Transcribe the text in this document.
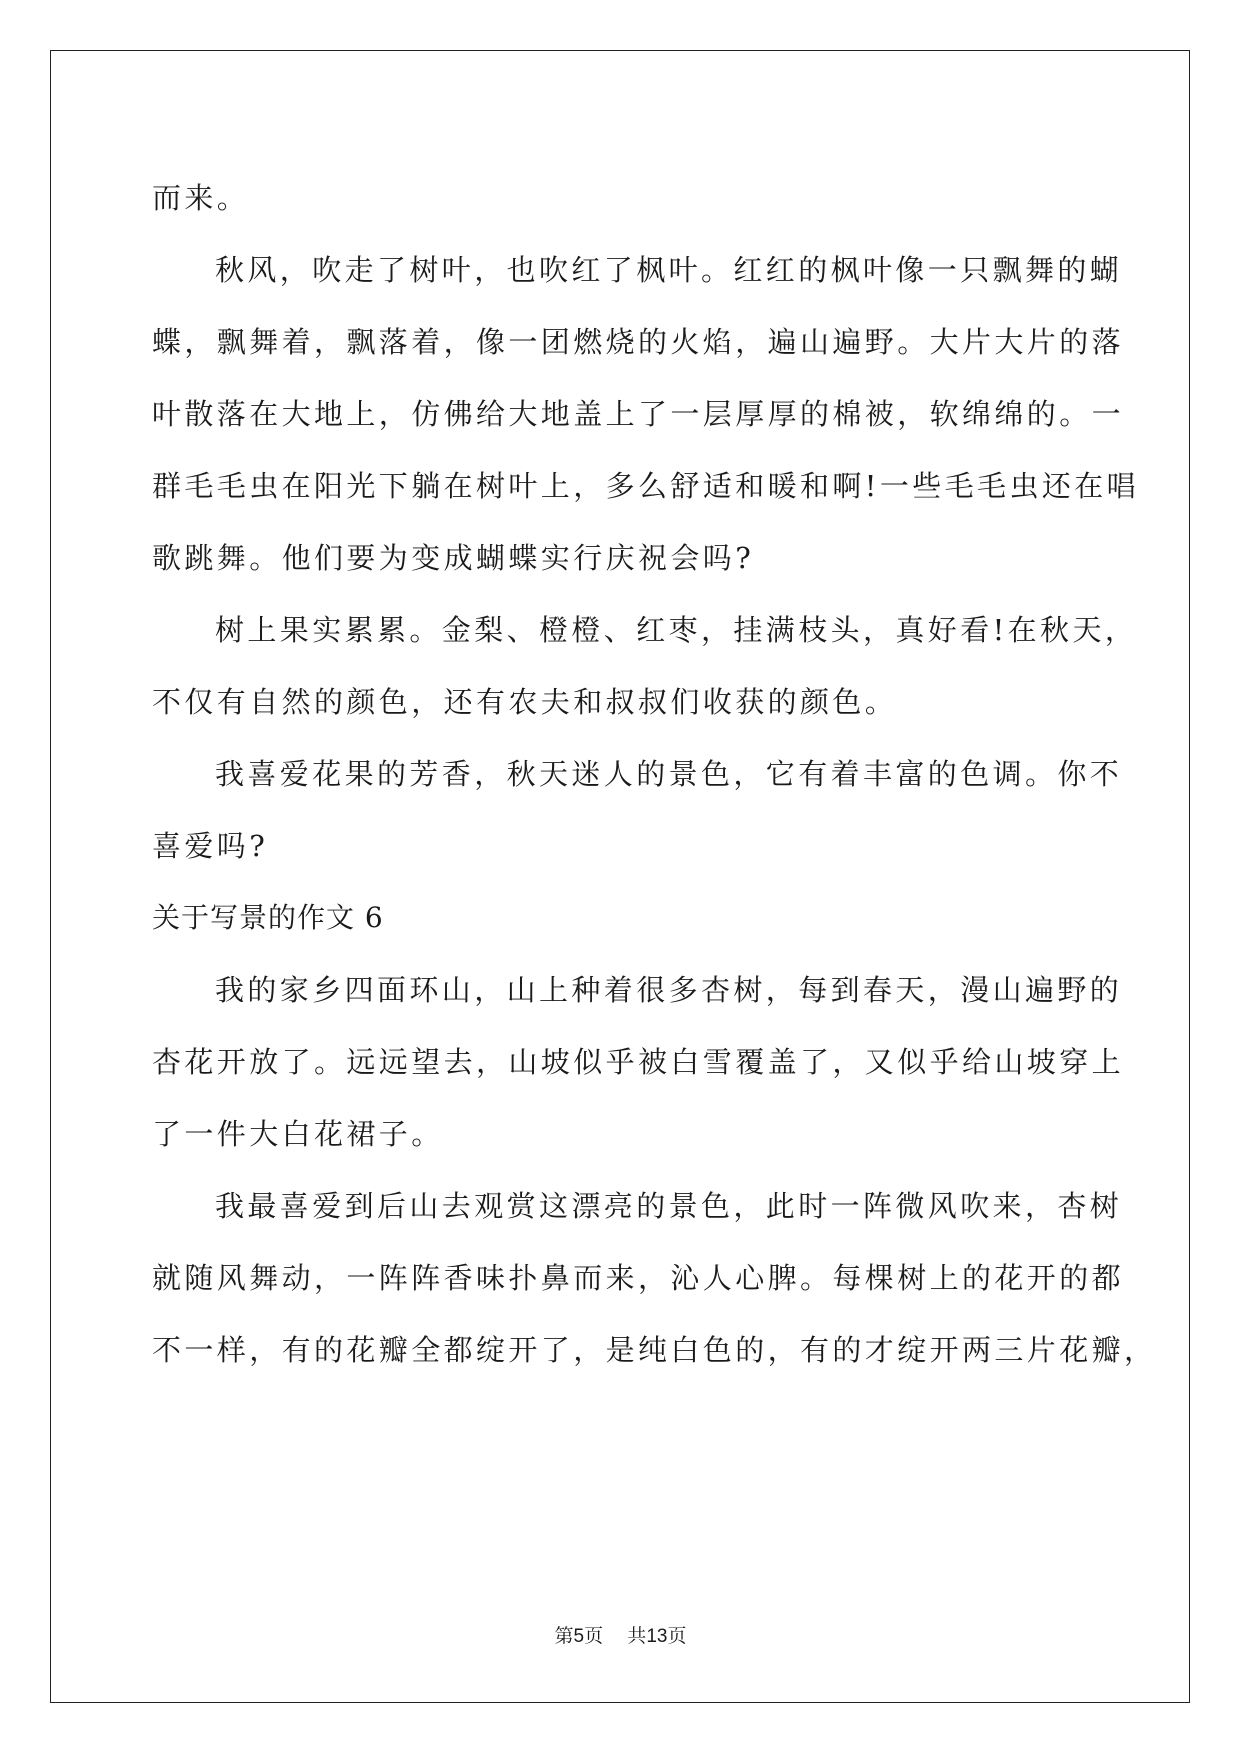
而来。
秋风，吹走了树叶，也吹红了枫叶。红红的枫叶像一只飘舞的蝴
蝶，飘舞着，飘落着，像一团燃烧的火焰，遍山遍野。大片大片的落
叶散落在大地上，仿佛给大地盖上了一层厚厚的棉被，软绵绵的。一
群毛毛虫在阳光下躺在树叶上，多么舒适和暖和啊!一些毛毛虫还在唱
歌跳舞。他们要为变成蝴蝶实行庆祝会吗?
树上果实累累。金梨、橙橙、红枣，挂满枝头，真好看!在秋天，
不仅有自然的颜色，还有农夫和叔叔们收获的颜色。
我喜爱花果的芳香，秋天迷人的景色，它有着丰富的色调。你不
喜爱吗?
关于写景的作文 6
我的家乡四面环山，山上种着很多杏树，每到春天，漫山遍野的
杏花开放了。远远望去，山坡似乎被白雪覆盖了，又似乎给山坡穿上
了一件大白花裙子。
我最喜爱到后山去观赏这漂亮的景色，此时一阵微风吹来，杏树
就随风舞动，一阵阵香味扑鼻而来，沁人心脾。每棵树上的花开的都
不一样，有的花瓣全都绽开了，是纯白色的，有的才绽开两三片花瓣，
第5页 共13页
